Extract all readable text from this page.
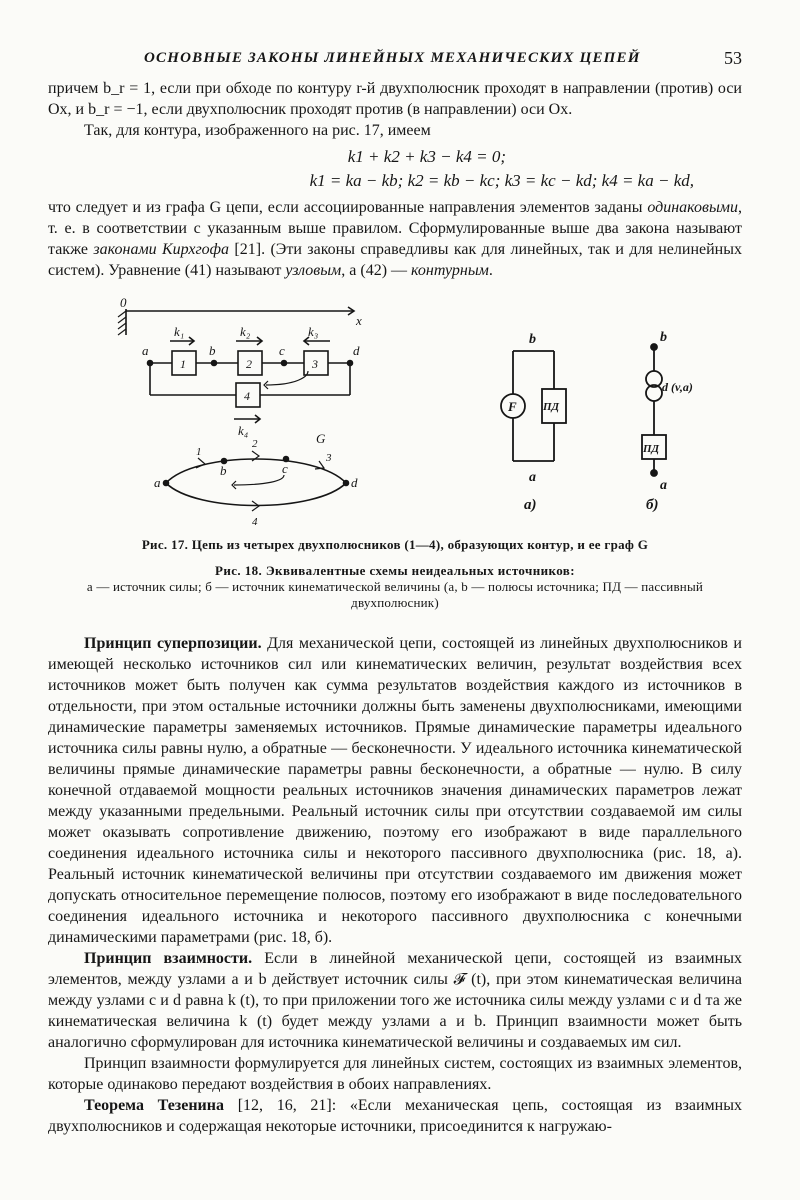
ОСНОВНЫЕ ЗАКОНЫ ЛИНЕЙНЫХ МЕХАНИЧЕСКИХ ЦЕПЕЙ	53

причем b_r = 1, если при обходе по контуру r-й двухполюсник проходят в направлении (против) оси Ox, и b_r = −1, если двухполюсник проходят против (в направлении) оси Ox.

Так, для контура, изображенного на рис. 17, имеем

k1 + k2 + k3 − k4 = 0;

k1 = ka − kb; k2 = kb − kc; k3 = kc − kd; k4 = ka − kd,

что следует и из графа G цепи, если ассоциированные направления элементов заданы одинаковыми, т. е. в соответствии с указанным выше правилом. Сформулированные выше два закона называют также законами Кирхгофа [21]. (Эти законы справедливы как для линейных, так и для нелинейных систем). Уравнение (41) называют узловым, а (42) — контурным.

0
x
a	b	c	d
k₁	k₂	k₃
k₄
1	2	3
4
G
a
b	c
d
1
2
3
4
b
a
F ПД
а)
b
a
d (v,a)
ПД
б)

Рис. 17. Цепь из четырех двухполюсников (1—4), образующих контур, и ее граф G

Рис. 18. Эквивалентные схемы неидеальных источников:
а — источник силы; б — источник кинематической величины (a, b — полюсы источника; ПД — пассивный двухполюсник)

Принцип суперпозиции. Для механической цепи, состоящей из линейных двухполюсников и имеющей несколько источников сил или кинематических величин, результат воздействия всех источников может быть получен как сумма результатов воздействия каждого из источников в отдельности, при этом остальные источники должны быть заменены двухполюсниками, имеющими динамические параметры заменяемых источников. Прямые динамические параметры идеального источника силы равны нулю, а обратные — бесконечности. У идеального источника кинематической величины прямые динамические параметры равны бесконечности, а обратные — нулю. В силу конечной отдаваемой мощности реальных источников значения динамических параметров лежат между указанными предельными. Реальный источник силы при отсутствии создаваемой им силы может оказывать сопротивление движению, поэтому его изображают в виде параллельного соединения идеального источника силы и некоторого пассивного двухполюсника (рис. 18, а). Реальный источник кинематической величины при отсутствии создаваемого им движения может допускать относительное перемещение полюсов, поэтому его изображают в виде последовательного соединения идеального источника и некоторого пассивного двухполюсника с конечными динамическими параметрами (рис. 18, б).

Принцип взаимности. Если в линейной механической цепи, состоящей из взаимных элементов, между узлами a и b действует источник силы 𝓕 (t), при этом кинематическая величина между узлами c и d равна k (t), то при приложении того же источника силы между узлами c и d та же кинематическая величина k (t) будет между узлами a и b. Принцип взаимности может быть аналогично сформулирован для источника кинематической величины и создаваемых им сил.

Принцип взаимности формулируется для линейных систем, состоящих из взаимных элементов, которые одинаково передают воздействия в обоих направлениях.

Теорема Тезенина [12, 16, 21]: «Если механическая цепь, состоящая из взаимных двухполюсников и содержащая некоторые источники, присоединится к нагружаю-
